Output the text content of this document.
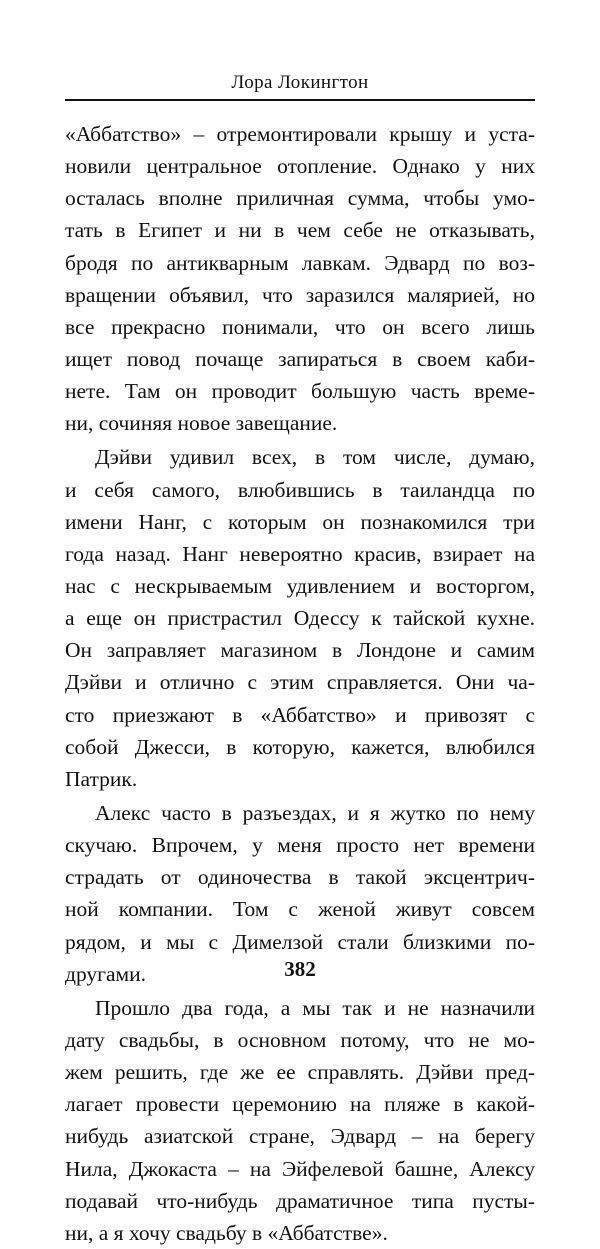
Лора Локингтон
«Аббатство» – отремонтировали крышу и уста-
новили центральное отопление. Однако у них
осталась вполне приличная сумма, чтобы умо-
тать в Египет и ни в чем себе не отказывать,
бродя по антикварным лавкам. Эдвард по воз-
вращении объявил, что заразился малярией, но
все прекрасно понимали, что он всего лишь
ищет повод почаще запираться в своем каби-
нете. Там он проводит большую часть време-
ни, сочиняя новое завещание.
Дэйви удивил всех, в том числе, думаю,
и себя самого, влюбившись в таиландца по
имени Нанг, с которым он познакомился три
года назад. Нанг невероятно красив, взирает на
нас с нескрываемым удивлением и восторгом,
а еще он пристрастил Одессу к тайской кухне.
Он заправляет магазином в Лондоне и самим
Дэйви и отлично с этим справляется. Они ча-
сто приезжают в «Аббатство» и привозят с
собой Джесси, в которую, кажется, влюбился
Патрик.
Алекс часто в разъездах, и я жутко по нему
скучаю. Впрочем, у меня просто нет времени
страдать от одиночества в такой эксцентрич-
ной компании. Том с женой живут совсем
рядом, и мы с Димелзой стали близкими по-
другами.
Прошло два года, а мы так и не назначили
дату свадьбы, в основном потому, что не мо-
жем решить, где же ее справлять. Дэйви пред-
лагает провести церемонию на пляже в какой-
нибудь азиатской стране, Эдвард – на берегу
Нила, Джокаста – на Эйфелевой башне, Алексу
подавай что-нибудь драматичное типа пусты-
ни, а я хочу свадьбу в «Аббатстве».
382
